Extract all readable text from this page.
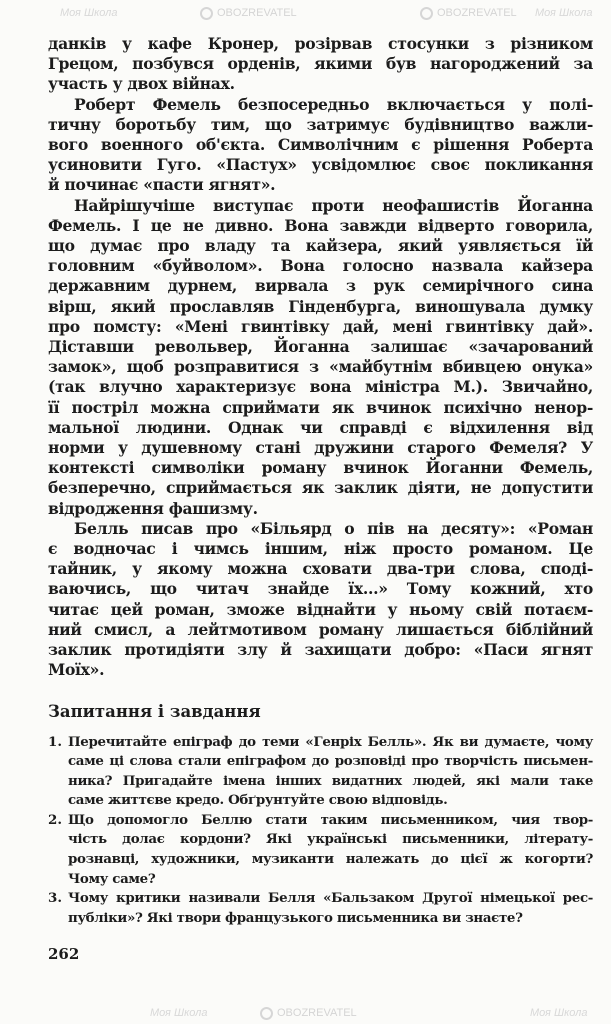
OBOZREVATEL Моя Школа
Моя Школа	OBOZREVATEL
Моя Школа	OBOZREVATEL	Моя Школа
данків у кафе Кронер, розірвав стосунки з різником
Грецом, позбувся орденів, якими був нагороджений за
участь у двох війнах.
Роберт Фемель безпосередньо включається у полі-
тичну боротьбу тим, що затримує будівництво важли-
вого военного об'єкта. Символічним є рішення Роберта
усиновити Гуго. «Пастух» усвідомлює своє покликання
й починає «пасти ягнят».
Найрішучіше виступає проти неофашистів Йоганна
Фемель. І це не дивно. Вона завжди відверто говорила,
що думає про владу та кайзера, який уявляється їй
головним «буйволом». Вона голосно назвала кайзера
державним дурнем, вирвала з рук семирічного сина
вірш, який прославляв Гінденбурга, виношувала думку
про помсту: «Мені гвинтівку дай, мені гвинтівку дай».
Діставши револьвер, Йоганна залишає «зачарований
замок», щоб розправитися з «майбутнім вбивцею онука»
(так влучно характеризує вона міністра М.). Звичайно,
її постріл можна сприймати як вчинок психічно ненор-
мальної людини. Однак чи справді є відхилення від
норми у душевному стані дружини старого Фемеля? У
контексті символіки роману вчинок Йоганни Фемель,
безперечно, сприймається як заклик діяти, не допустити
відродження фашизму.
Белль писав про «Більярд о пів на десяту»: «Роман
є водночас і чимсь іншим, ніж просто романом. Це
тайник, у якому можна сховати два-три слова, споді-
ваючись, що читач знайде їх...» Тому кожний, хто
читає цей роман, зможе віднайти у ньому свій потаєм-
ний смисл, а лейтмотивом роману лишається біблійний
заклик протидіяти злу й захищати добро: «Паси ягнят
Моїх».
Запитання і завдання
1. Перечитайте епіграф до теми «Генріх Белль». Як ви думаєте, чому
саме ці слова стали епіграфом до розповіді про творчість письмен-
ника? Пригадайте імена інших видатних людей, які мали таке
саме життєве кредо. Обґрунтуйте свою відповідь.
2. Що допомогло Беллю стати таким письменником, чия твор-
чість долає кордони? Які українські письменники, літерату-
рознавці, художники, музиканти належать до цієї ж когорти?
Чому саме?
3. Чому критики називали Белля «Бальзаком Другої німецької рес-
публіки»? Які твори французького письменника ви знаєте?
262
